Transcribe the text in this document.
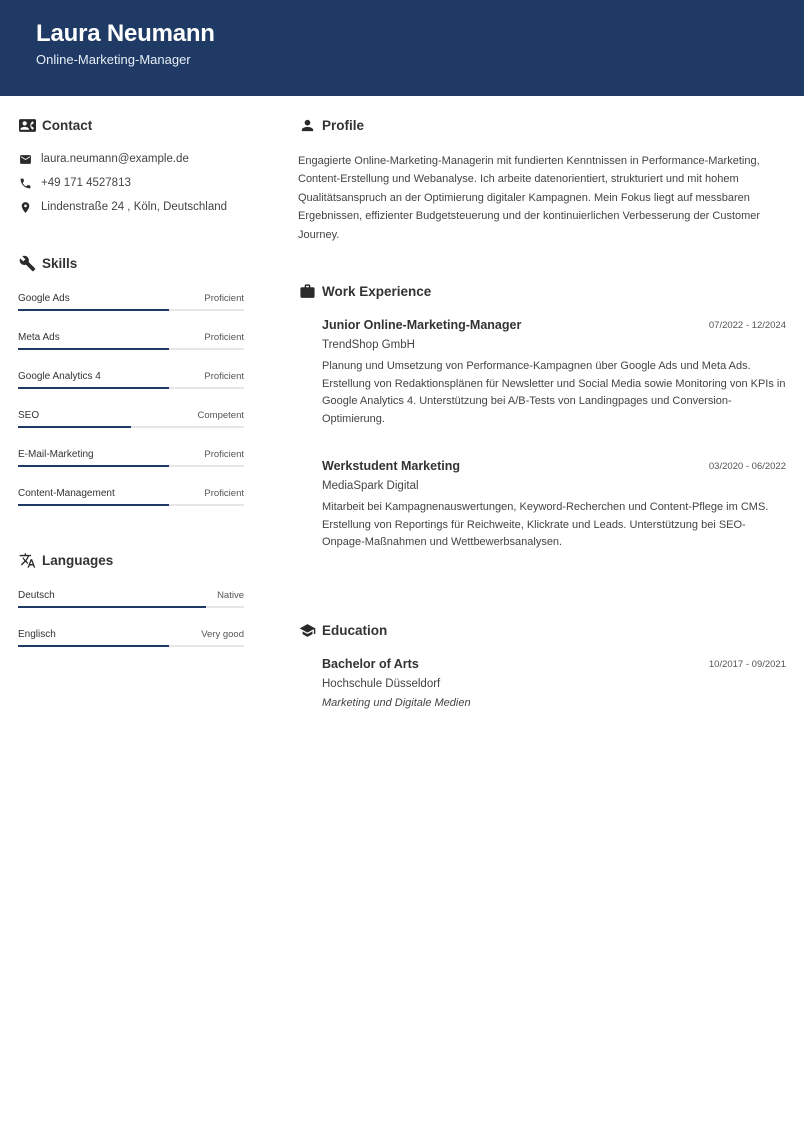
Laura Neumann
Online-Marketing-Manager
Contact
laura.neumann@example.de
+49 171 4527813
Lindenstraße 24 , Köln, Deutschland
Skills
Google Ads	Proficient
Meta Ads	Proficient
Google Analytics 4	Proficient
SEO	Competent
E-Mail-Marketing	Proficient
Content-Management	Proficient
Languages
Deutsch	Native
Englisch	Very good
Profile
Engagierte Online-Marketing-Managerin mit fundierten Kenntnissen in Performance-Marketing, Content-Erstellung und Webanalyse. Ich arbeite datenorientiert, strukturiert und mit hohem Qualitätsanspruch an der Optimierung digitaler Kampagnen. Mein Fokus liegt auf messbaren Ergebnissen, effizienter Budgetsteuerung und der kontinuierlichen Verbesserung der Customer Journey.
Work Experience
Junior Online-Marketing-Manager	07/2022 - 12/2024
TrendShop GmbH
Planung und Umsetzung von Performance-Kampagnen über Google Ads und Meta Ads. Erstellung von Redaktionsplänen für Newsletter und Social Media sowie Monitoring von KPIs in Google Analytics 4. Unterstützung bei A/B-Tests von Landingpages und Conversion-Optimierung.
Werkstudent Marketing	03/2020 - 06/2022
MediaSpark Digital
Mitarbeit bei Kampagnenauswertungen, Keyword-Recherchen und Content-Pflege im CMS. Erstellung von Reportings für Reichweite, Klickrate und Leads. Unterstützung bei SEO-Onpage-Maßnahmen und Wettbewerbsanalysen.
Education
Bachelor of Arts	10/2017 - 09/2021
Hochschule Düsseldorf
Marketing und Digitale Medien
